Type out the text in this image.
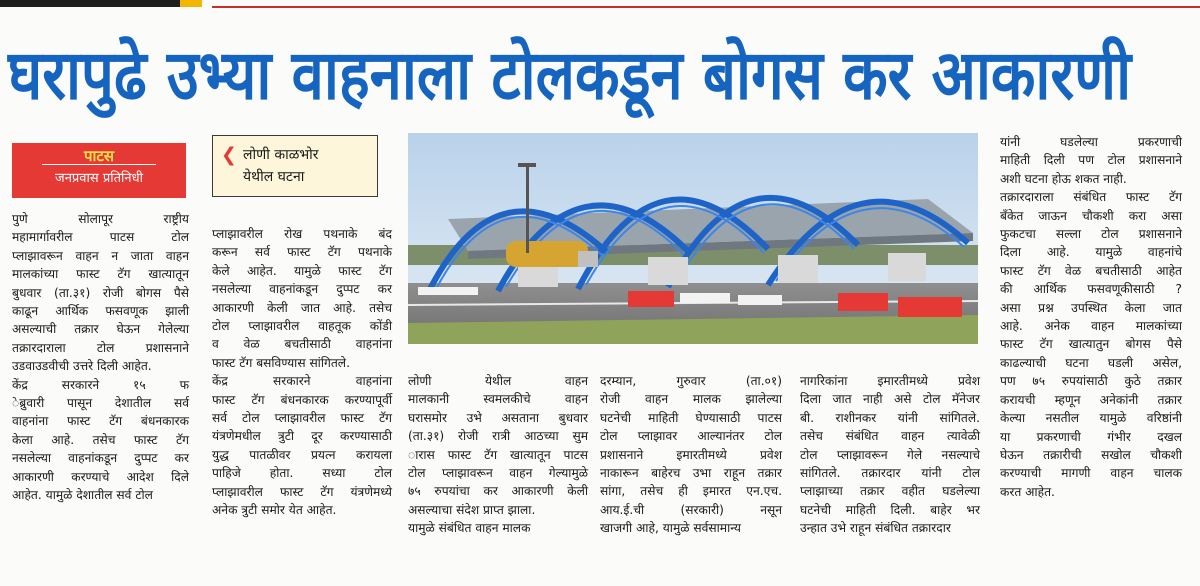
घरापुढे उभ्या वाहनाला टोलकडून बोगस कर आकारणी
पाटस
जनप्रवास प्रतिनिधी
❮ लोणी काळभोर
येथील घटना
पुणे सोलापूर राष्ट्रीय
महामार्गावरील पाटस टोल
प्लाझावरून वाहन न जाता वाहन
मालकांच्या फास्ट टॅग खात्यातून
बुधवार (ता.३१) रोजी बोगस पैसे
काढून आर्थिक फसवणूक झाली
असल्याची तक्रार घेऊन गेलेल्या
तक्रारदाराला टोल प्रशासनाने
उडवाउडवीची उत्तरे दिली आहेत.
केंद्र सरकारने १५ फ
ेब्रुवारी पासून देशातील सर्व
वाहनांना फास्ट टॅग बंधनकारक
केला आहे. तसेच फास्ट टॅग
नसलेल्या वाहनांकडून दुप्पट कर
आकारणी करण्याचे आदेश दिले
आहेत. यामुळे देशातील सर्व टोल
प्लाझावरील रोख पथनाके बंद
करून सर्व फास्ट टॅग पथनाके
केले आहेत. यामुळे फास्ट टॅग
नसलेल्या वाहनांकडून दुप्पट कर
आकारणी केली जात आहे. तसेच
टोल प्लाझावरील वाहतूक कोंडी
व वेळ बचतीसाठी वाहनांना
फास्ट टॅग बसविण्यास सांगितले.
केंद्र सरकारने वाहनांना
फास्ट टॅग बंधनकारक करण्यापूर्वी
सर्व टोल प्लाझावरील फास्ट टॅग
यंत्रणेमधील त्रुटी दूर करण्यासाठी
युद्ध पातळीवर प्रयत्न करायला
पाहिजे होता. सध्या टोल
प्लाझावरील फास्ट टॅग यंत्रणेमध्ये
अनेक त्रुटी समोर येत आहेत.
लोणी येथील वाहन
मालकानी स्वमलकीचे वाहन
घरासमोर उभे असताना बुधवार
(ता.३१) रोजी रात्री आठच्या सुम
ारास फास्ट टॅग खात्यातून पाटस
टोल प्लाझावरून वाहन गेल्यामुळे
७५ रुपयांचा कर आकारणी केली
असल्याचा संदेश प्राप्त झाला.
यामुळे संबंधित वाहन मालक
दरम्यान, गुरुवार (ता.०१)
रोजी वाहन मालक झालेल्या
घटनेची माहिती घेण्यासाठी पाटस
टोल प्लाझावर आल्यानंतर टोल
प्रशासनाने इमारतीमध्ये प्रवेश
नाकारून बाहेरच उभा राहून तक्रार
सांगा, तसेच ही इमारत एन.एच.
आय.ई.ची (सरकारी) नसून
खाजगी आहे, यामुळे सर्वसामान्य
नागरिकांना इमारतीमध्ये प्रवेश
दिला जात नाही असे टोल मॅनेजर
बी. राशीनकर यांनी सांगितले.
तसेच संबंधित वाहन त्यावेळी
टोल प्लाझावरून गेले नसल्याचे
सांगितले. तक्रारदार यांनी टोल
प्लाझाच्या तक्रार वहीत घडलेल्या
घटनेची माहिती दिली. बाहेर भर
उन्हात उभे राहून संबंधित तक्रारदार
यांनी घडलेल्या प्रकरणाची
माहिती दिली पण टोल प्रशासनाने
अशी घटना होऊ शकत नाही.
तक्रारदाराला संबंधित फास्ट टॅग
बँकेत जाऊन चौकशी करा असा
फुकटचा सल्ला टोल प्रशासनाने
दिला आहे. यामुळे वाहनांचे
फास्ट टॅग वेळ बचतीसाठी आहेत
की आर्थिक फसवणूकीसाठी ?
असा प्रश्न उपस्थित केला जात
आहे. अनेक वाहन मालकांच्या
फास्ट टॅग खात्यातुन बोगस पैसे
काढल्याची घटना घडली असेल,
पण ७५ रुपयांसाठी कुठे तक्रार
करायची म्हणून अनेकांनी तक्रार
केल्या नसतील यामुळे वरिष्ठांनी
या प्रकरणाची गंभीर दखल
घेऊन तक्रारीची सखोल चौकशी
करण्याची मागणी वाहन चालक
करत आहेत.
